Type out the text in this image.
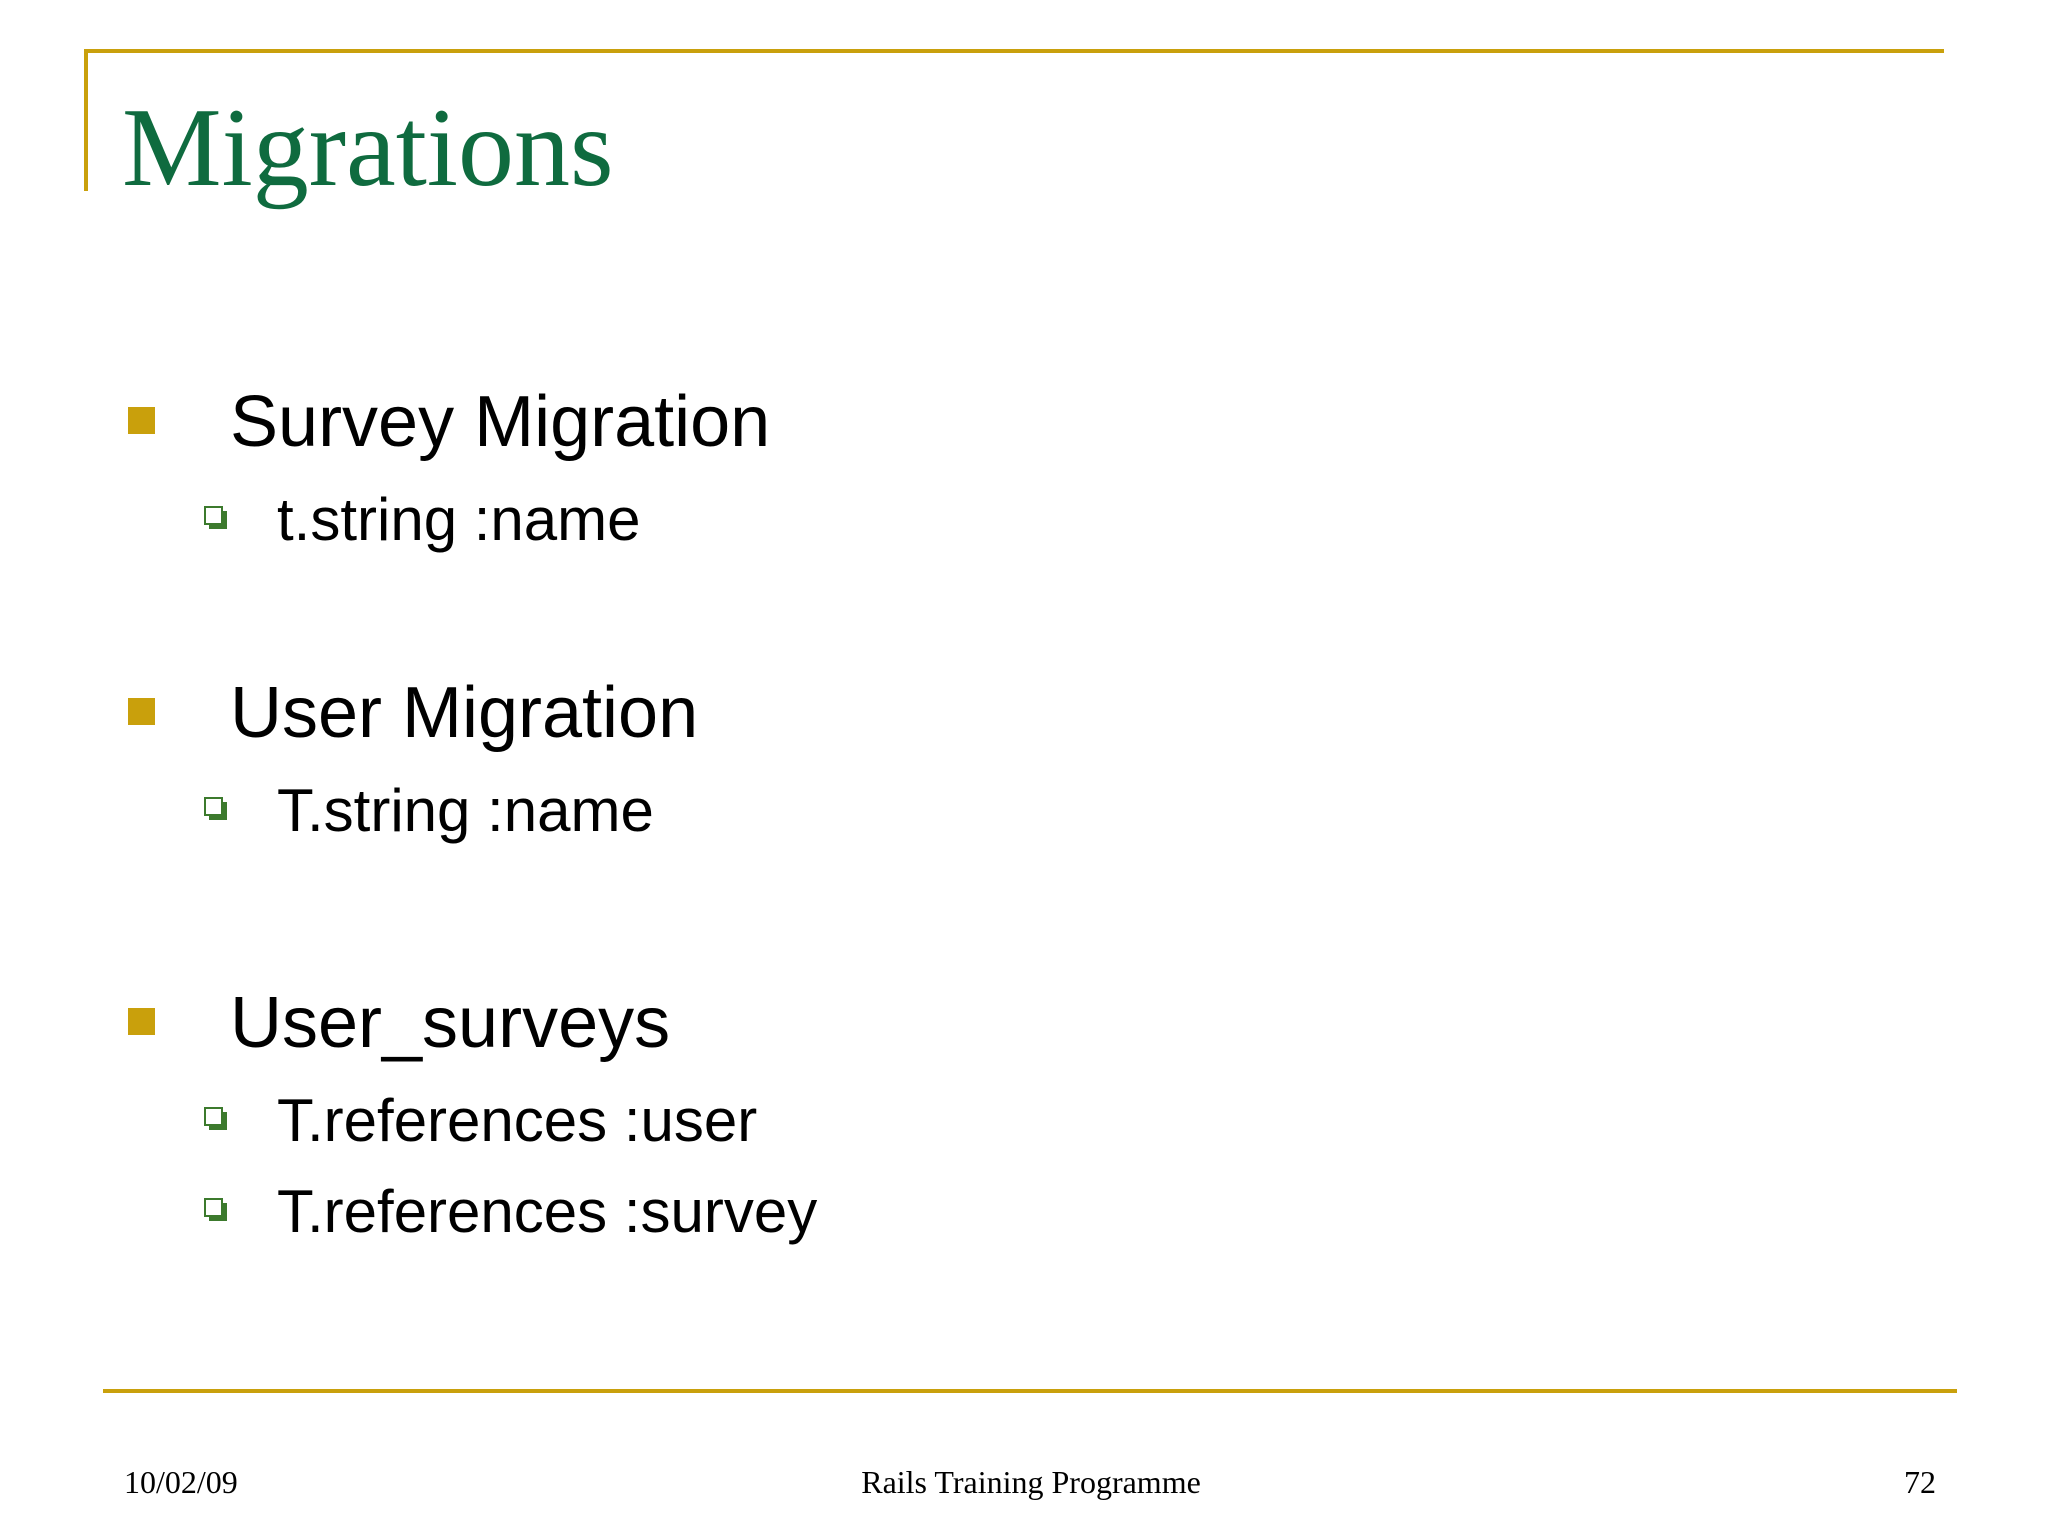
Migrations
Survey Migration
t.string :name
User Migration
T.string :name
User_surveys
T.references :user
T.references :survey
10/02/09	Rails Training Programme	72
